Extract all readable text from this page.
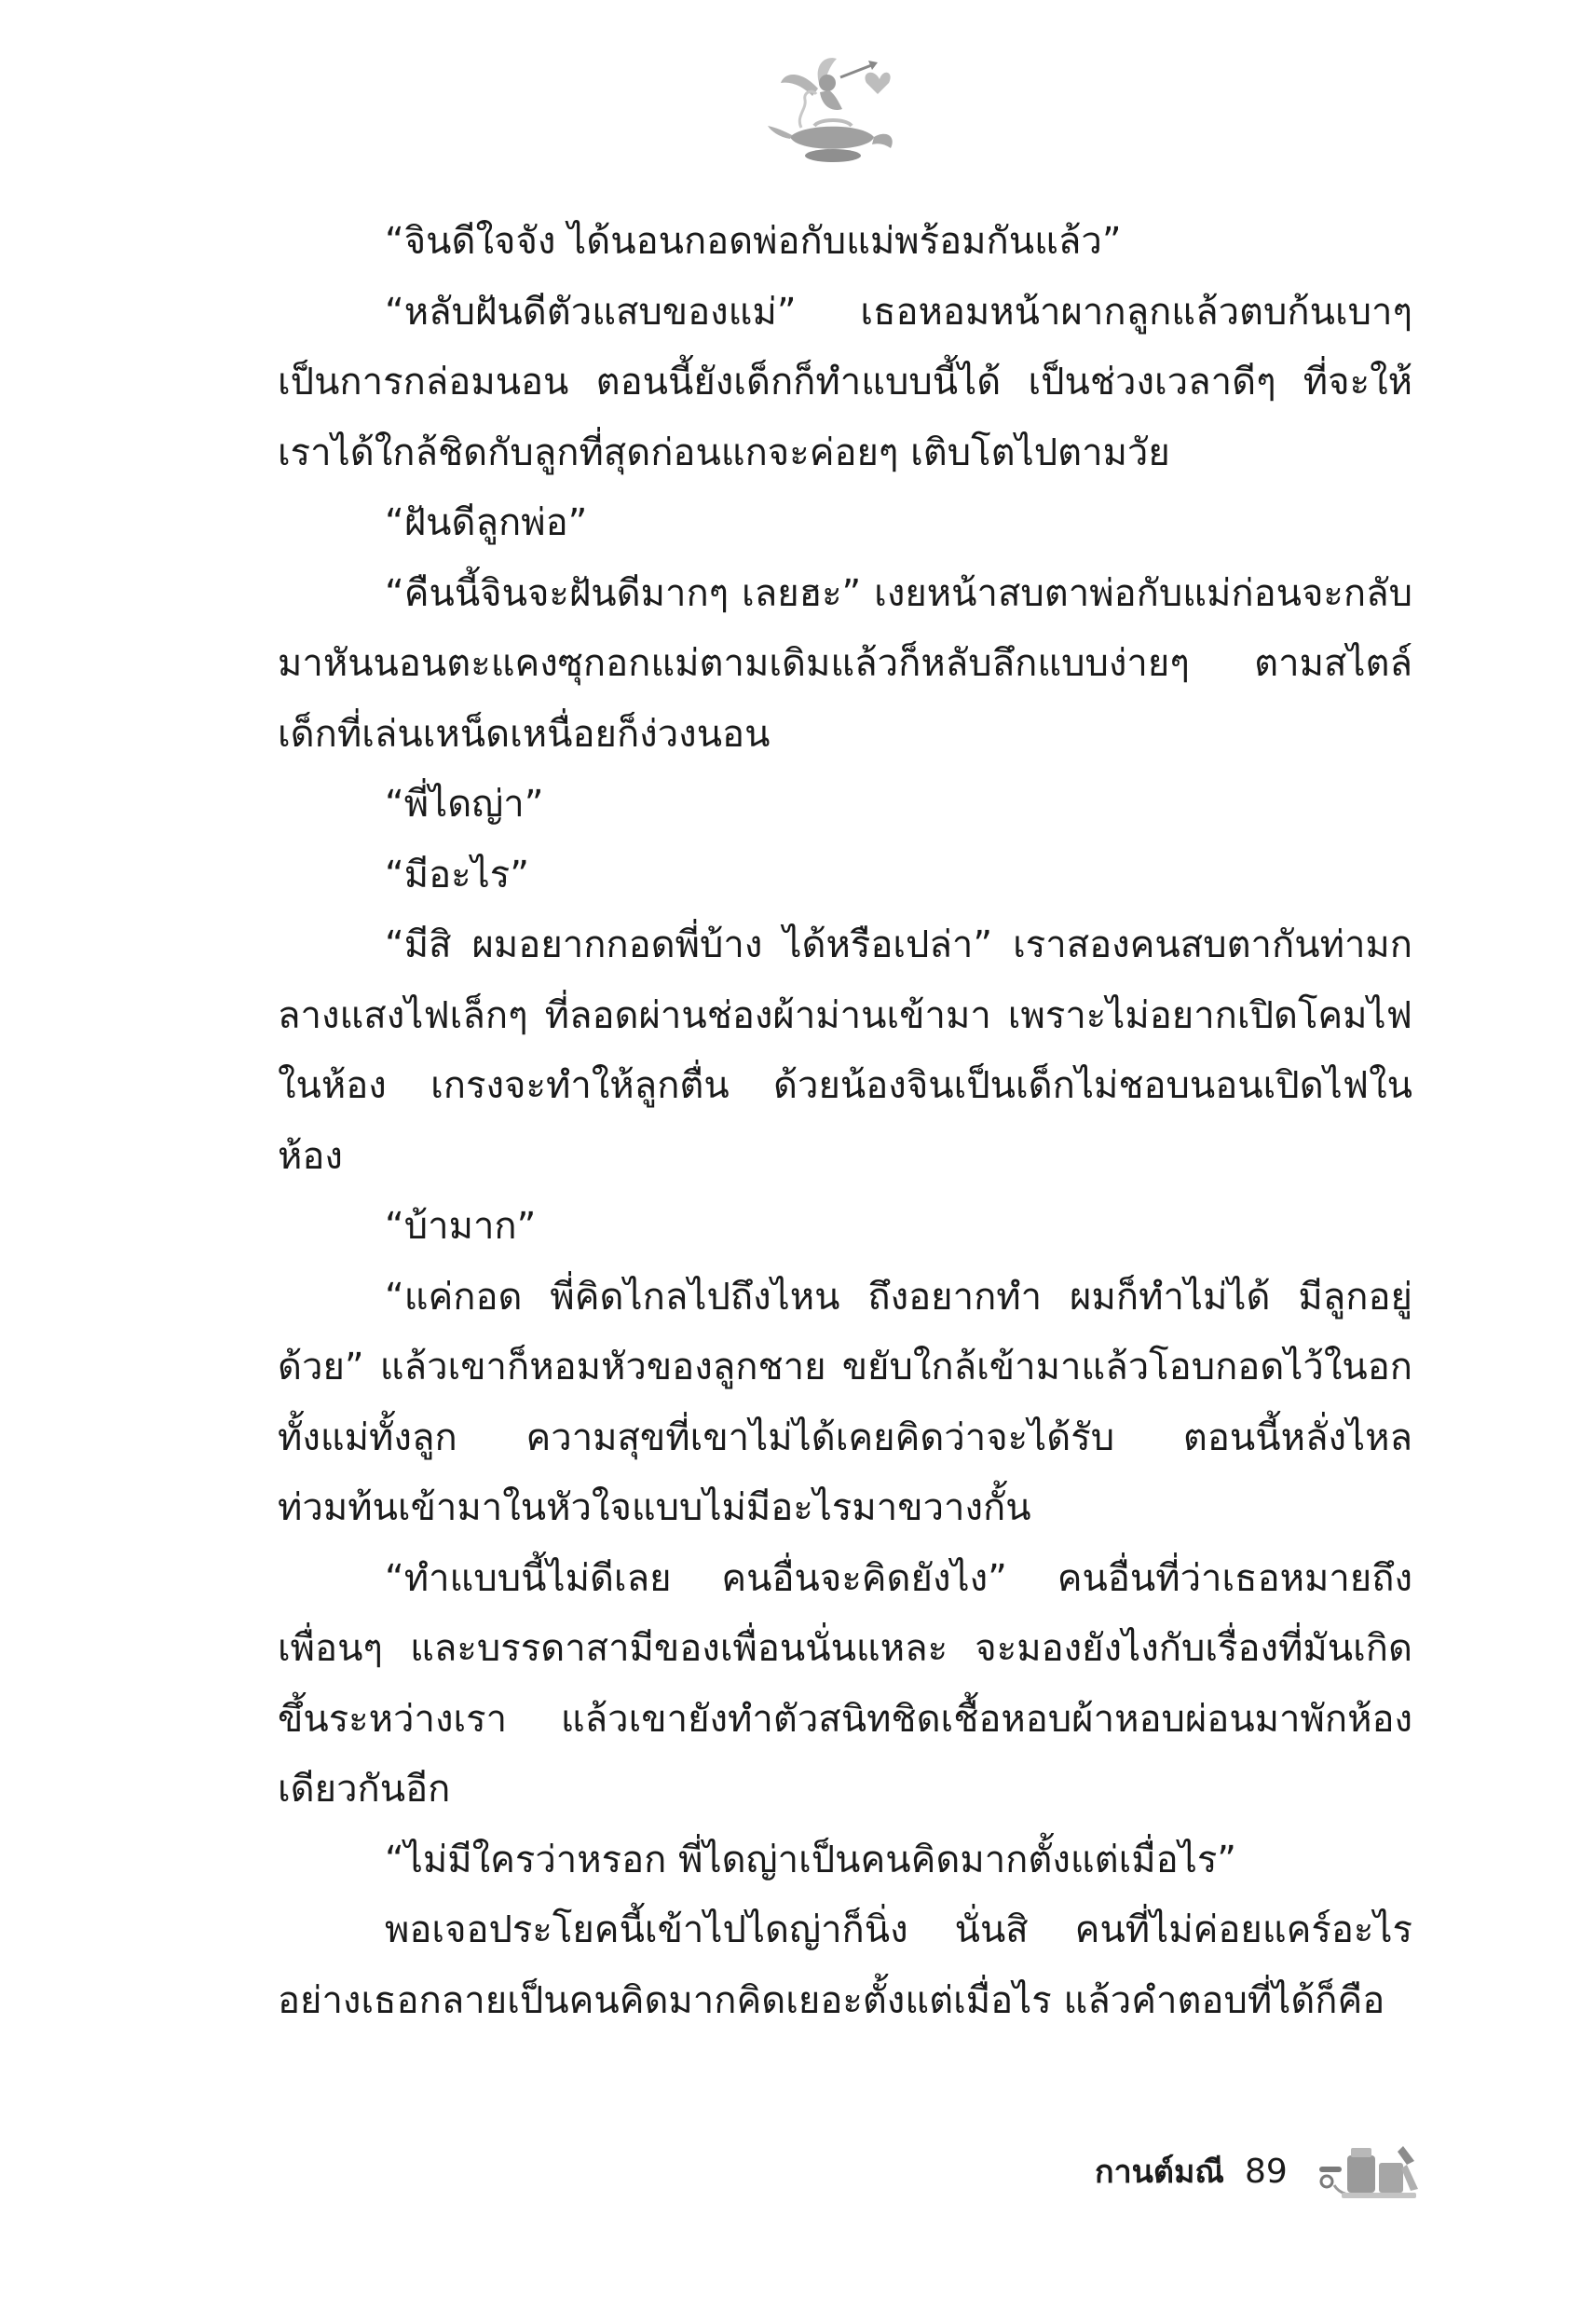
“จินดีใจจัง ได้นอนกอดพ่อกับแม่พร้อมกันแล้ว”

“หลับฝันดีตัวแสบของแม่” เธอหอมหน้าผากลูกแล้วตบก้นเบาๆ เป็นการกล่อมนอน ตอนนี้ยังเด็กก็ทำแบบนี้ได้ เป็นช่วงเวลาดีๆ ที่จะให้เราได้ใกล้ชิดกับลูกที่สุดก่อนแกจะค่อยๆ เติบโตไปตามวัย

“ฝันดีลูกพ่อ”

“คืนนี้จินจะฝันดีมากๆ เลยฮะ” เงยหน้าสบตาพ่อกับแม่ก่อนจะกลับมาหันนอนตะแคงซุกอกแม่ตามเดิมแล้วก็หลับลึกแบบง่ายๆ ตามสไตล์เด็กที่เล่นเหน็ดเหนื่อยก็ง่วงนอน

“พี่ไดญ่า”

“มีอะไร”

“มีสิ ผมอยากกอดพี่บ้าง ได้หรือเปล่า” เราสองคนสบตากันท่ามกลางแสงไฟเล็กๆ ที่ลอดผ่านช่องผ้าม่านเข้ามา เพราะไม่อยากเปิดโคมไฟในห้อง เกรงจะทำให้ลูกตื่น ด้วยน้องจินเป็นเด็กไม่ชอบนอนเปิดไฟในห้อง

“บ้ามาก”

“แค่กอด พี่คิดไกลไปถึงไหน ถึงอยากทำ ผมก็ทำไม่ได้ มีลูกอยู่ด้วย” แล้วเขาก็หอมหัวของลูกชาย ขยับใกล้เข้ามาแล้วโอบกอดไว้ในอกทั้งแม่ทั้งลูก ความสุขที่เขาไม่ได้เคยคิดว่าจะได้รับ ตอนนี้หลั่งไหลท่วมท้นเข้ามาในหัวใจแบบไม่มีอะไรมาขวางกั้น

“ทำแบบนี้ไม่ดีเลย คนอื่นจะคิดยังไง” คนอื่นที่ว่าเธอหมายถึงเพื่อนๆ และบรรดาสามีของเพื่อนนั่นแหละ จะมองยังไงกับเรื่องที่มันเกิดขึ้นระหว่างเรา แล้วเขายังทำตัวสนิทชิดเชื้อหอบผ้าหอบผ่อนมาพักห้องเดียวกันอีก

“ไม่มีใครว่าหรอก พี่ไดญ่าเป็นคนคิดมากตั้งแต่เมื่อไร”

พอเจอประโยคนี้เข้าไปไดญ่าก็นิ่ง นั่นสิ คนที่ไม่ค่อยแคร์อะไรอย่างเธอกลายเป็นคนคิดมากคิดเยอะตั้งแต่เมื่อไร แล้วคำตอบที่ได้ก็คือ

กานต์มณี 89
